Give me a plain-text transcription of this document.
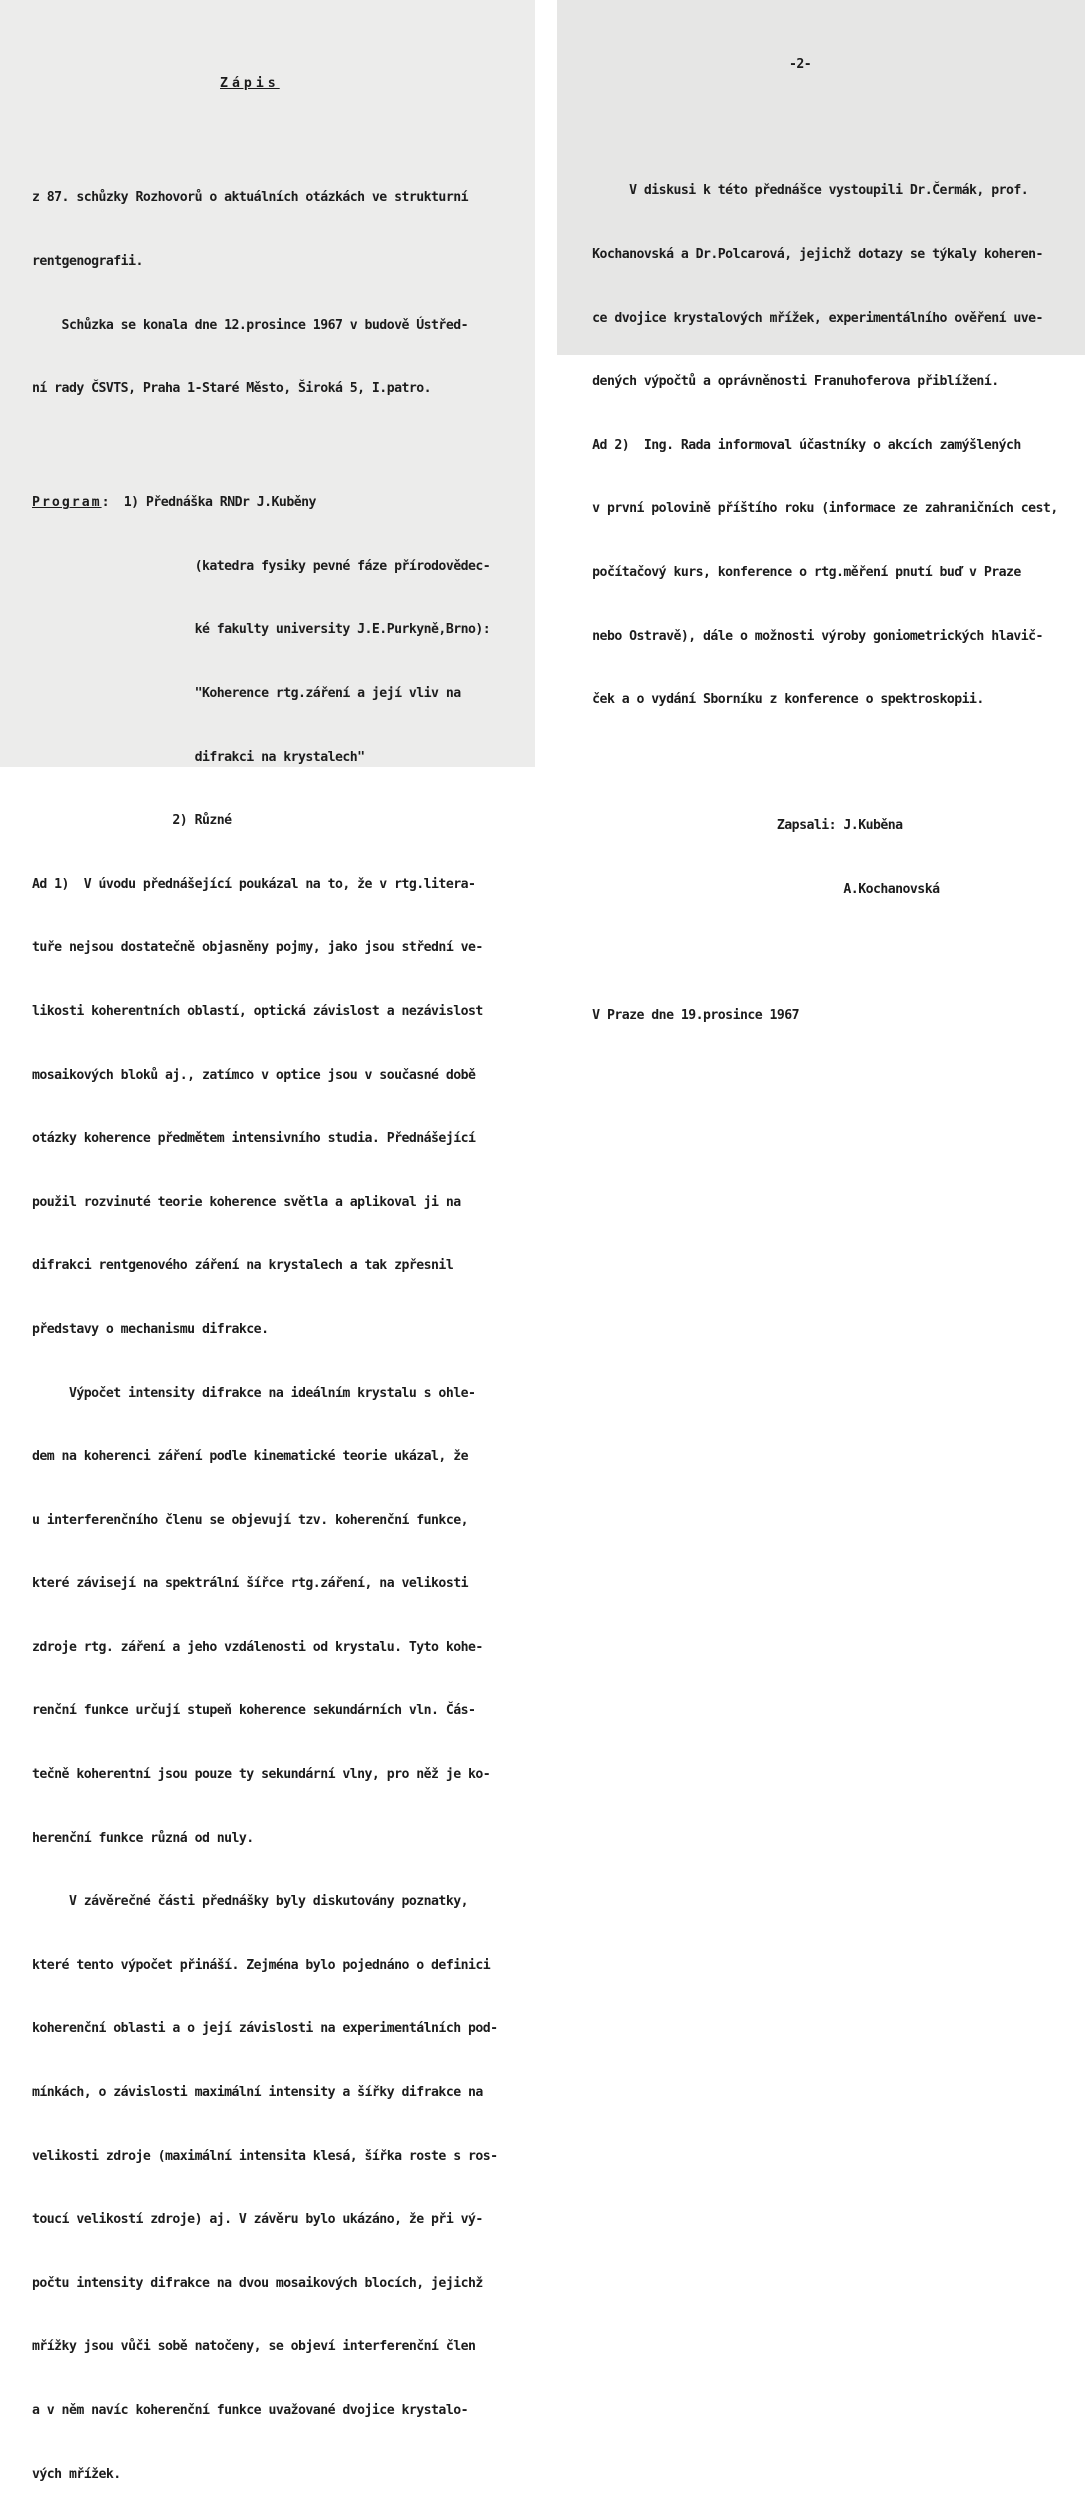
Zápis

z 87. schůzky Rozhovorů o aktuálních otázkách ve strukturní

rentgenografii.

Schůzka se konala dne 12.prosince 1967 v budově Ústřed-

ní rady ČSVTS, Praha 1-Staré Město, Široká 5, I.patro.

Program:  1) Přednáška RNDr J.Kuběny

(katedra fysiky pevné fáze přírodovědec-

ké fakulty university J.E.Purkyně,Brno):

"Koherence rtg.záření a její vliv na

difrakci na krystalech"

2) Různé

Ad 1)  V úvodu přednášející poukázal na to, že v rtg.litera-

tuře nejsou dostatečně objasněny pojmy, jako jsou střední ve-

likosti koherentních oblastí, optická závislost a nezávislost

mosaikových bloků aj., zatímco v optice jsou v současné době

otázky koherence předmětem intensivního studia. Přednášející

použil rozvinuté teorie koherence světla a aplikoval ji na

difrakci rentgenového záření na krystalech a tak zpřesnil

představy o mechanismu difrakce.

Výpočet intensity difrakce na ideálním krystalu s ohle-

dem na koherenci záření podle kinematické teorie ukázal, že

u interferenčního členu se objevují tzv. koherenční funkce,

které závisejí na spektrální šířce rtg.záření, na velikosti

zdroje rtg. záření a jeho vzdálenosti od krystalu. Tyto kohe-

renční funkce určují stupeň koherence sekundárních vln. Čás-

tečně koherentní jsou pouze ty sekundární vlny, pro něž je ko-

herenční funkce různá od nuly.

V závěrečné části přednášky byly diskutovány poznatky,

které tento výpočet přináší. Zejména bylo pojednáno o definici

koherenční oblasti a o její závislosti na experimentálních pod-

mínkách, o závislosti maximální intensity a šířky difrakce na

velikosti zdroje (maximální intensita klesá, šířka roste s ros-

toucí velikostí zdroje) aj. V závěru bylo ukázáno, že při vý-

počtu intensity difrakce na dvou mosaikových blocích, jejichž

mřížky jsou vůči sobě natočeny, se objeví interferenční člen

a v něm navíc koherenční funkce uvažované dvojice krystalo-

vých mřížek.

-2-

V diskusi k této přednášce vystoupili Dr.Čermák, prof.

Kochanovská a Dr.Polcarová, jejichž dotazy se týkaly koheren-

ce dvojice krystalových mřížek, experimentálního ověření uve-

dených výpočtů a oprávněnosti Franuhoferova přiblížení.

Ad 2)  Ing. Rada informoval účastníky o akcích zamýšlených

v první polovině příštího roku (informace ze zahraničních cest,

počítačový kurs, konference o rtg.měření pnutí buď v Praze

nebo Ostravě), dále o možnosti výroby goniometrických hlavič-

ček a o vydání Sborníku z konference o spektroskopii.

Zapsali: J.Kuběna

A.Kochanovská

V Praze dne 19.prosince 1967
